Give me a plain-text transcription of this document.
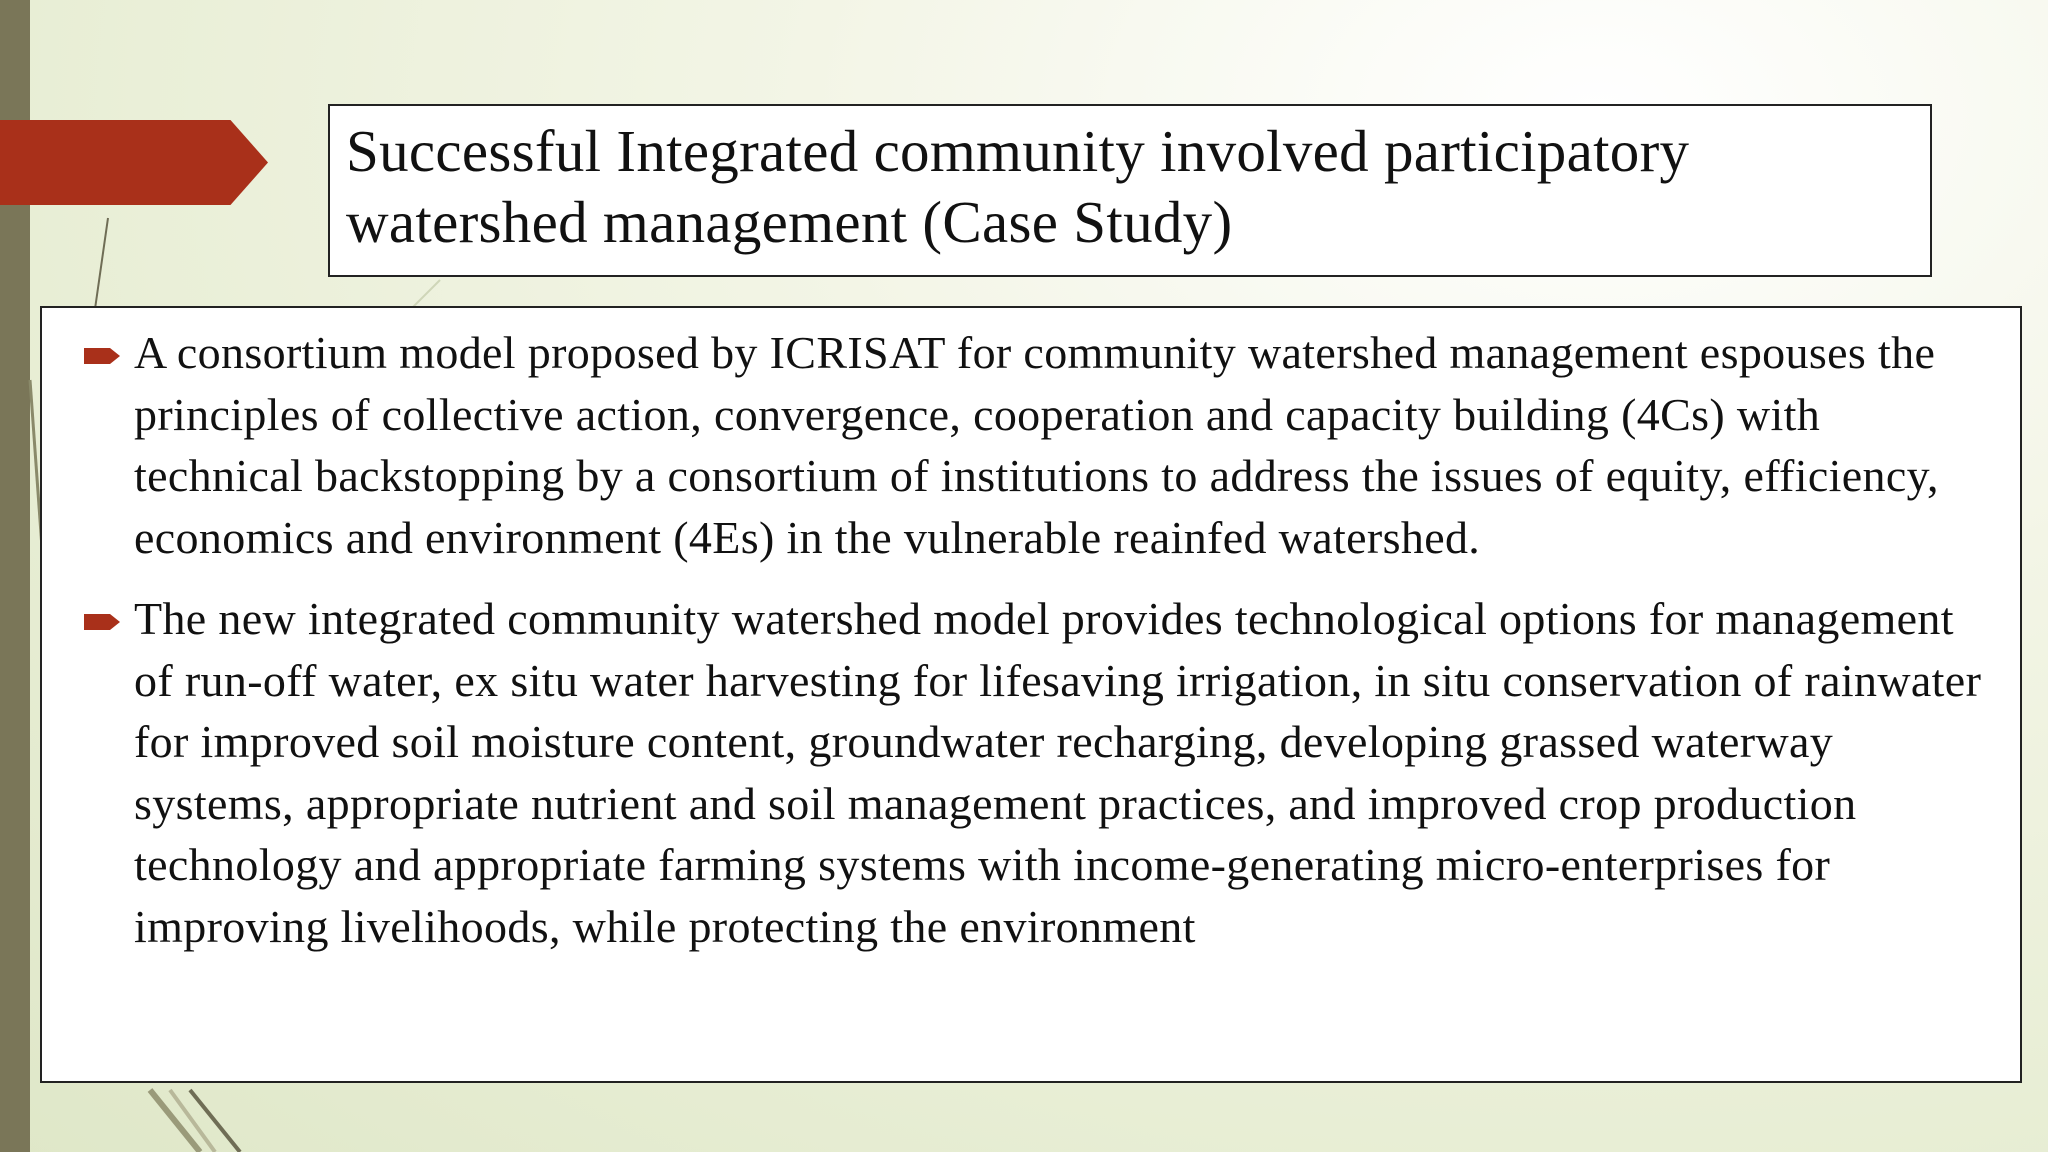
Successful Integrated community involved participatory watershed management (Case Study)
A consortium model proposed by ICRISAT for community watershed management espouses the principles of collective action, convergence, cooperation and capacity building (4Cs) with technical backstopping by a consortium of institutions to address the issues of equity, efficiency, economics and environment (4Es) in the vulnerable reainfed watershed.
The new integrated community watershed model provides technological options for management of run-off water, ex situ water harvesting for lifesaving irrigation, in situ conservation of rainwater for improved soil moisture content, groundwater recharging, developing grassed waterway systems, appropriate nutrient and soil management practices, and improved crop production technology and appropriate farming systems with income-generating micro-enterprises for improving livelihoods, while protecting the environment
